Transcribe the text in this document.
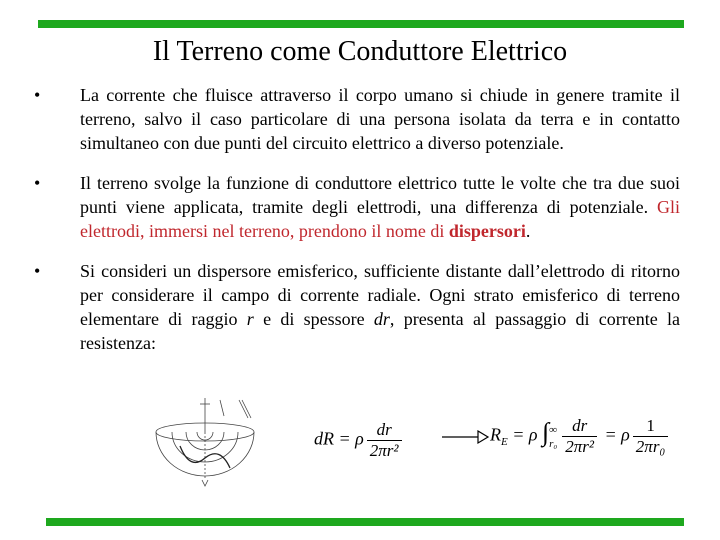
Il Terreno come Conduttore Elettrico
• La corrente che fluisce attraverso il corpo umano si chiude in genere tramite il terreno, salvo il caso particolare di una persona isolata da terra e in contatto simultaneo con due punti del circuito elettrico a diverso potenziale.
• Il terreno svolge la funzione di conduttore elettrico tutte le volte che tra due suoi punti viene applicata, tramite degli elettrodi, una differenza di potenziale. Gli elettrodi, immersi nel terreno, prendono il nome di dispersori.
• Si consideri un dispersore emisferico, sufficiente distante dall’elettrodo di ritorno per considerare il campo di corrente radiale. Ogni strato emisferico di terreno elementare di raggio r e di spessore dr, presenta al passaggio di corrente la resistenza:
dR = ρ $\frac{dr}{\text{2πr²}}$	$R_E = \rho$ ∫ ∞
$r_0 \frac{dr}{\text{2πr²}} = \rho \frac{1}{\text{2πr₀}}$
